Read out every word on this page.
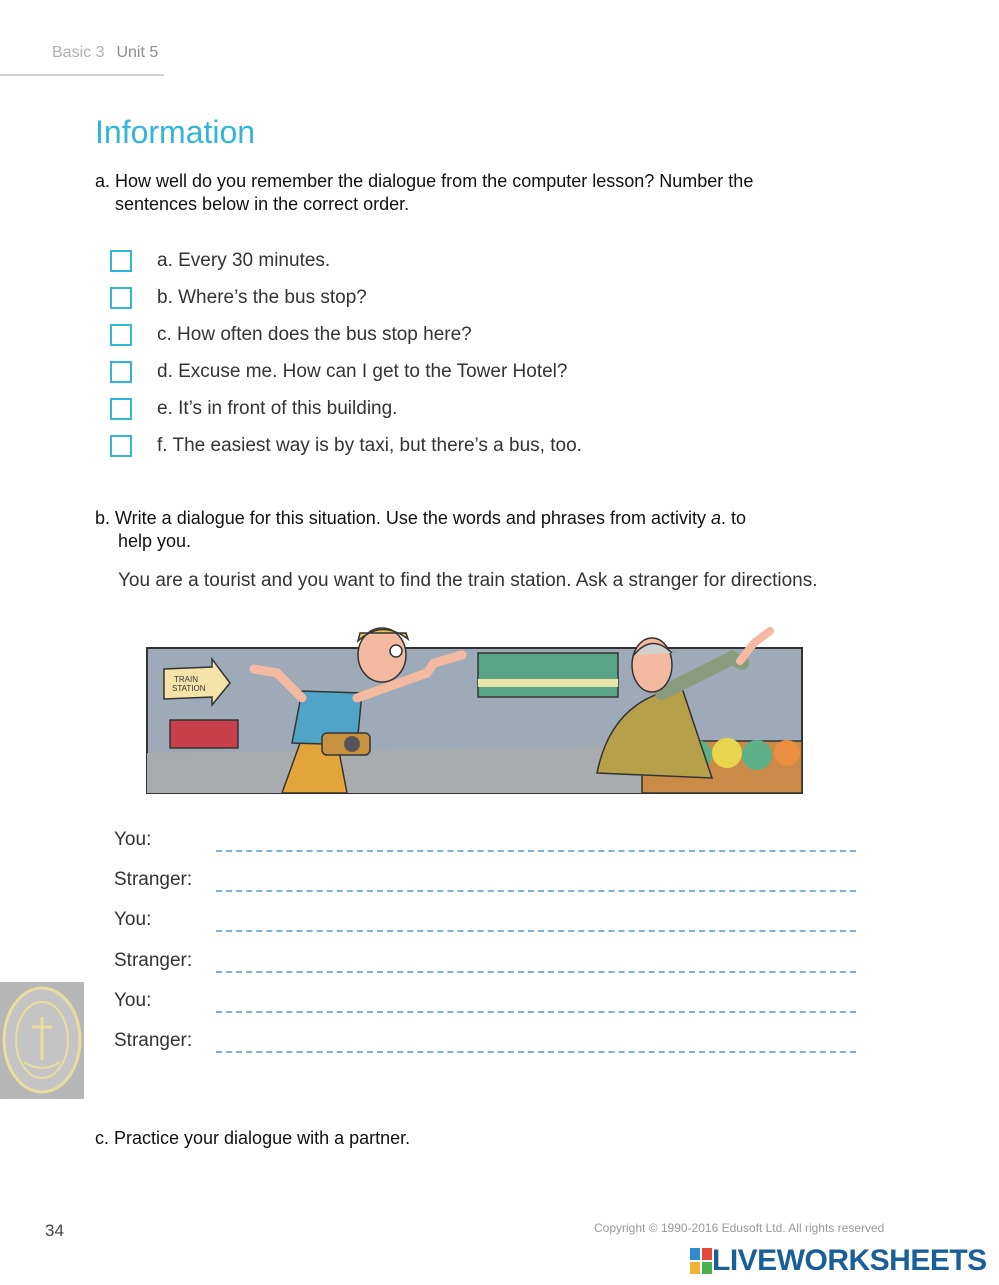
Basic 3 Unit 5
Information
a. How well do you remember the dialogue from the computer lesson? Number the
sentences below in the correct order.
a. Every 30 minutes.
b. Where’s the bus stop?
c. How often does the bus stop here?
d. Excuse me. How can I get to the Tower Hotel?
e. It’s in front of this building.
f. The easiest way is by taxi, but there’s a bus, too.
b. Write a dialogue for this situation. Use the words and phrases from activity a. to
help you.
You are a tourist and you want to find the train station. Ask a stranger for directions.
TRAIN
STATION
You:
Stranger:
You:
Stranger:
You:
Stranger:
c. Practice your dialogue with a partner.
34	Copyright © 1990-2016 Edusoft Ltd. All rights reserved
LIVEWORKSHEETS
